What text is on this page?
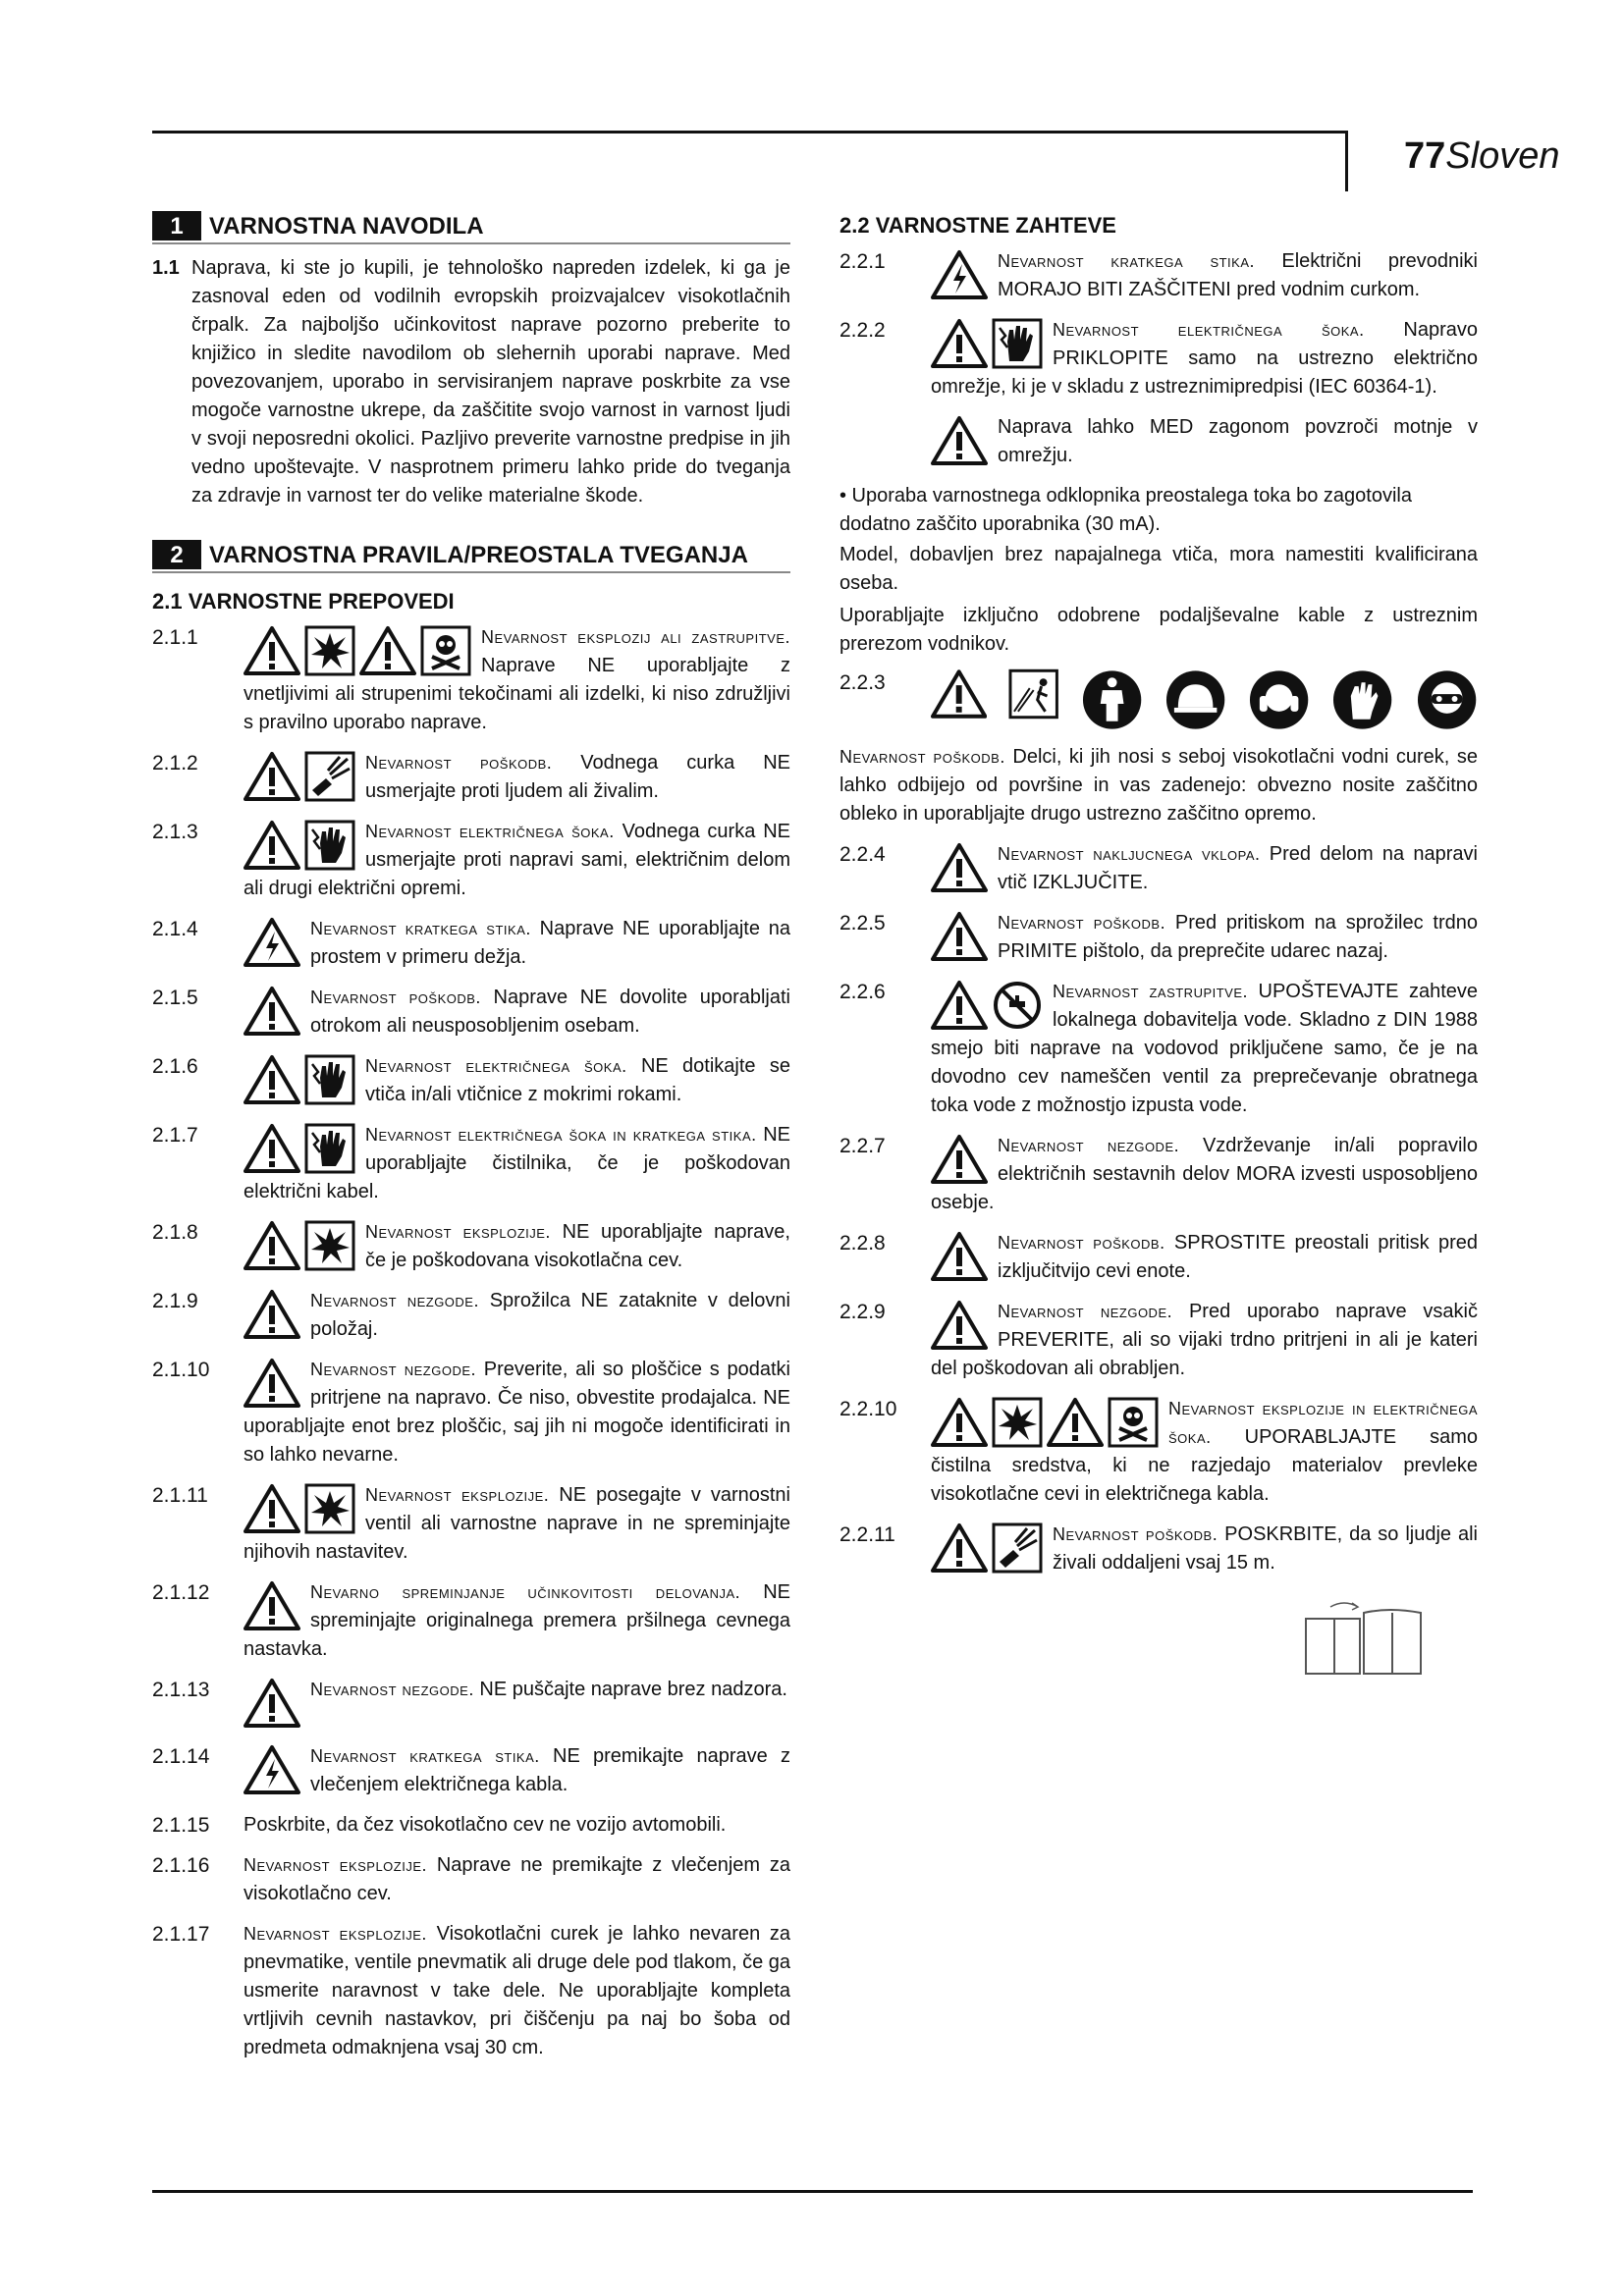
77Sloven
1	VARNOSTNA NAVODILA
1.1 Naprava, ki ste jo kupili, je tehnološko napreden izdelek, ki ga je zasnoval eden od vodilnih evropskih proizvajalcev visokotlačnih črpalk. Za najboljšo učinkovitost naprave pozorno preberite to knjižico in sledite navodilom ob slehernih uporabi naprave. Med povezovanjem, uporabo in servisiranjem naprave poskrbite za vse mogoče varnostne ukrepe, da zaščitite svojo varnost in varnost ljudi v svoji neposredni okolici. Pazljivo preverite varnostne predpise in jih vedno upoštevajte. V nasprotnem primeru lahko pride do tveganja za zdravje in varnost ter do velike materialne škode.
2	VARNOSTNA PRAVILA/PREOSTALA TVEGANJA
2.1 VARNOSTNE PREPOVEDI
2.1.1	Nevarnost eksplozij ali zastrupitve. Naprave NE uporabljajte z vnetljivimi ali strupenimi tekočinami ali izdelki, ki niso združljivi s pravilno uporabo naprave.
2.1.2	Nevarnost poškodb. Vodnega curka NE usmerjajte proti ljudem ali živalim.
2.1.3	Nevarnost električnega šoka. Vodnega curka NE usmerjajte proti napravi sami, električnim delom ali drugi električni opremi.
2.1.4	Nevarnost kratkega stika. Naprave NE uporabljajte na prostem v primeru dežja.
2.1.5	Nevarnost poškodb. Naprave NE dovolite uporabljati otrokom ali neusposobljenim osebam.
2.1.6	Nevarnost električnega šoka. NE dotikajte se vtiča in/ali vtičnice z mokrimi rokami.
2.1.7	Nevarnost električnega šoka in kratkega stika. NE uporabljajte čistilnika, če je poškodovan električni kabel.
2.1.8	Nevarnost eksplozije. NE uporabljajte naprave, če je poškodovana visokotlačna cev.
2.1.9	Nevarnost nezgode. Sprožilca NE zataknite v delovni položaj.
2.1.10	Nevarnost nezgode. Preverite, ali so ploščice s podatki pritrjene na napravo. Če niso, obvestite prodajalca. NE uporabljajte enot brez ploščic, saj jih ni mogoče identificirati in so lahko nevarne.
2.1.11	Nevarnost eksplozije. NE posegajte v varnostni ventil ali varnostne naprave in ne spreminjajte njihovih nastavitev.
2.1.12	Nevarno spreminjanje učinkovitosti delovanja. NE spreminjajte originalnega premera pršilnega cevnega nastavka.
2.1.13	Nevarnost nezgode. NE puščajte naprave brez nadzora.
2.1.14	Nevarnost kratkega stika. NE premikajte naprave z vlečenjem električnega kabla.
2.1.15 Poskrbite, da čez visokotlačno cev ne vozijo avtomobili.
2.1.16 Nevarnost eksplozije. Naprave ne premikajte z vlečenjem za visokotlačno cev.
2.1.17 Nevarnost eksplozije. Visokotlačni curek je lahko nevaren za pnevmatike, ventile pnevmatik ali druge dele pod tlakom, če ga usmerite naravnost v take dele. Ne uporabljajte kompleta vrtljivih cevnih nastavkov, pri čiščenju pa naj bo šoba od predmeta odmaknjena vsaj 30 cm.
2.2 VARNOSTNE ZAHTEVE
2.2.1	Nevarnost kratkega stika. Električni prevodniki MORAJO BITI ZAŠČITENI pred vodnim curkom.
2.2.2	Nevarnost električnega šoka. Napravo PRIKLOPITE samo na ustrezno električno omrežje, ki je v skladu z ustreznimipredpisi (IEC 60364-1).
Naprava lahko MED zagonom povzroči motnje v omrežju.
• Uporaba varnostnega odklopnika preostalega toka bo zagotovila dodatno zaščito uporabnika (30 mA).
Model, dobavljen brez napajalnega vtiča, mora namestiti kvalificirana oseba.
Uporabljajte izključno odobrene podaljševalne kable z ustreznim prerezom vodnikov.
2.2.3
Nevarnost poškodb. Delci, ki jih nosi s seboj visokotlačni vodni curek, se lahko odbijejo od površine in vas zadenejo: obvezno nosite zaščitno obleko in uporabljajte drugo ustrezno zaščitno opremo.
2.2.4	Nevarnost nakljucnega vklopa. Pred delom na napravi vtič IZKLJUČITE.
2.2.5	Nevarnost poškodb. Pred pritiskom na sprožilec trdno PRIMITE pištolo, da preprečite udarec nazaj.
2.2.6	Nevarnost zastrupitve. UPOŠTEVAJTE zahteve lokalnega dobavitelja vode. Skladno z DIN 1988 smejo biti naprave na vodovod priključene samo, če je na dovodno cev nameščen ventil za preprečevanje obratnega toka vode z možnostjo izpusta vode.
2.2.7	Nevarnost nezgode. Vzdrževanje in/ali popravilo električnih sestavnih delov MORA izvesti usposobljeno osebje.
2.2.8	Nevarnost poškodb. SPROSTITE preostali pritisk pred izključitvijo cevi enote.
2.2.9	Nevarnost nezgode. Pred uporabo naprave vsakič PREVERITE, ali so vijaki trdno pritrjeni in ali je kateri del poškodovan ali obrabljen.
2.2.10	Nevarnost eksplozije in električnega šoka. UPORABLJAJTE samo čistilna sredstva, ki ne razjedajo materialov prevleke visokotlačne cevi in električnega kabla.
2.2.11	Nevarnost poškodb. POSKRBITE, da so ljudje ali živali oddaljeni vsaj 15 m.
